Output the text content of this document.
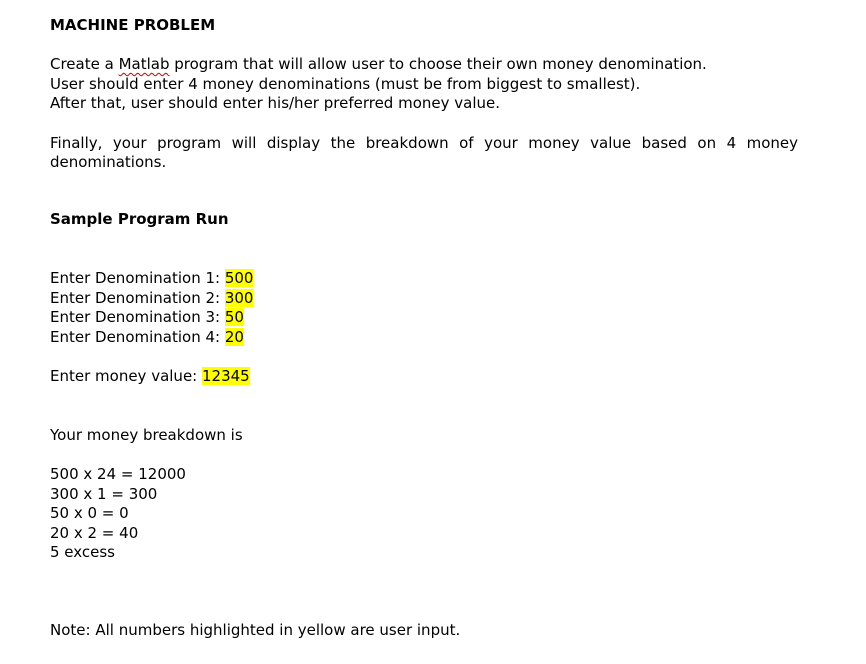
MACHINE PROBLEM

Create a Matlab program that will allow user to choose their own money denomination.

User should enter 4 money denominations (must be from biggest to smallest).

After that, user should enter his/her preferred money value.

Finally, your program will display the breakdown of your money value based on 4 money denominations.

Sample Program Run

Enter Denomination 1: 500

Enter Denomination 2: 300

Enter Denomination 3: 50

Enter Denomination 4: 20

Enter money value: 12345

Your money breakdown is

500 x 24 = 12000

300 x 1 = 300

50 x 0 = 0

20 x 2 = 40

5 excess

Note: All numbers highlighted in yellow are user input.
